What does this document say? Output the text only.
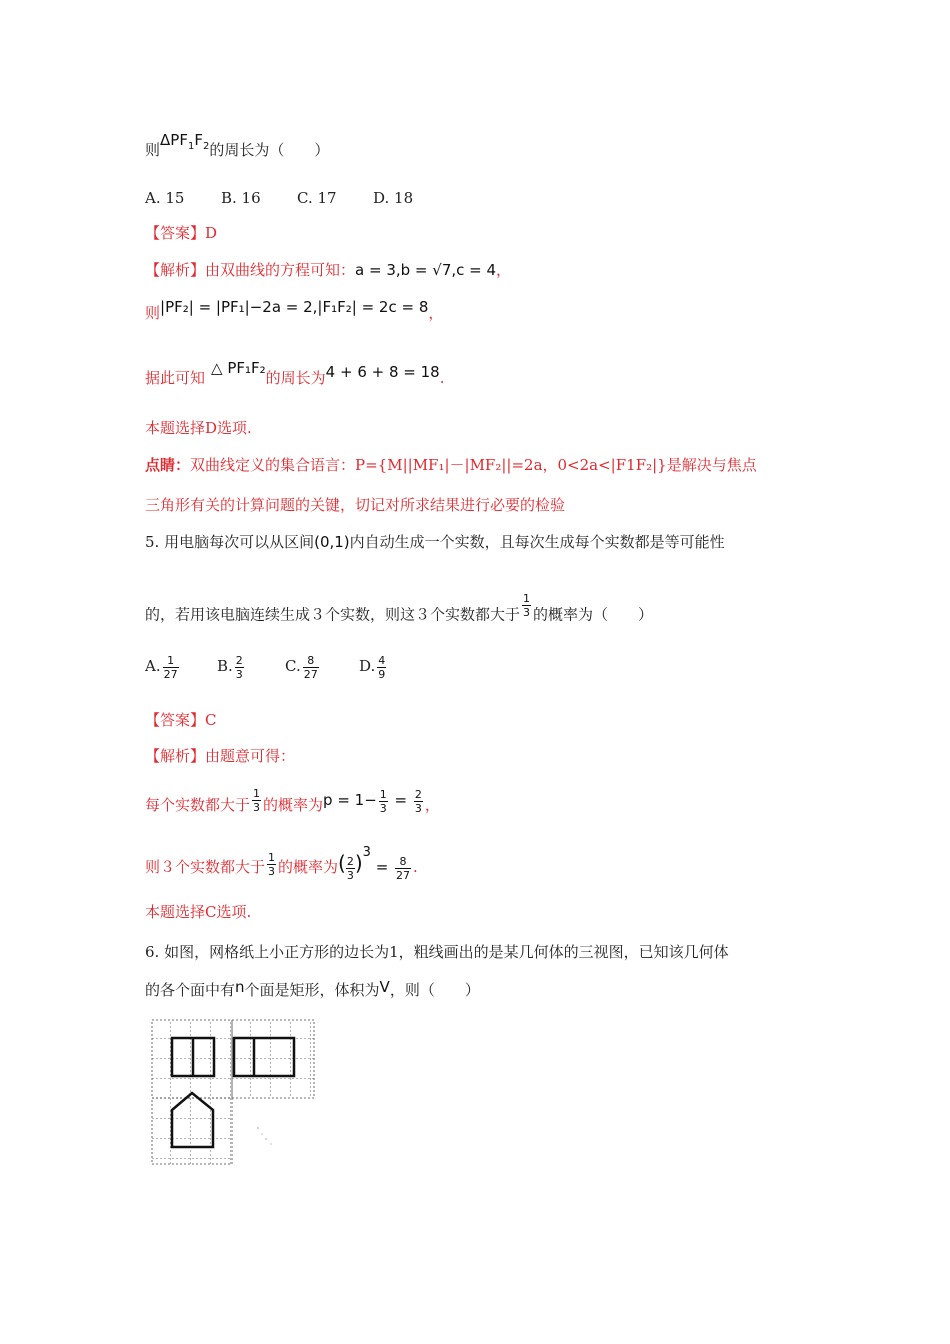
则$\Delta PF_1F_2$的周长为（　　）
A. 15 B. 16 C. 17 D. 18
【答案】D
【解析】由双曲线的方程可知：a = 3,b = √7,c = 4，
则|PF₂| = |PF₁|−2a = 2,|F₁F₂| = 2c = 8，
据此可知△ PF₁F₂的周长为4 + 6 + 8 = 18.
本题选择D选项.
点睛：双曲线定义的集合语言：P={M||MF₁|－|MF₂||=2a，0<2a<|F1F₂|}是解决与焦点
三角形有关的计算问题的关键，切记对所求结果进行必要的检验
5. 用电脑每次可以从区间(0,1)内自动生成一个实数，且每次生成每个实数都是等可能性
的，若用该电脑连续生成３个实数，则这３个实数都大于 $\frac{1}{3}$ 的概率为（　　）
A. $\frac{1}{27}$	B. $\frac{2}{3}$	C. $\frac{8}{27}$	D. $\frac{4}{9}$
【答案】C
【解析】由题意可得：
每个实数都大于 $\frac{1}{3}$ 的概率为$p = 1- \frac{1}{3} = \frac{2}{3}$ ，
则３个实数都大于 $\frac{1}{3}$ 的概率为( $\frac{2}{3} )3 = \frac{8}{27}$ .
本题选择C选项.
6. 如图，网格纸上小正方形的边长为1，粗线画出的是某几何体的三视图，已知该几何体
的各个面中有n个面是矩形，体积为V，则（　　）
